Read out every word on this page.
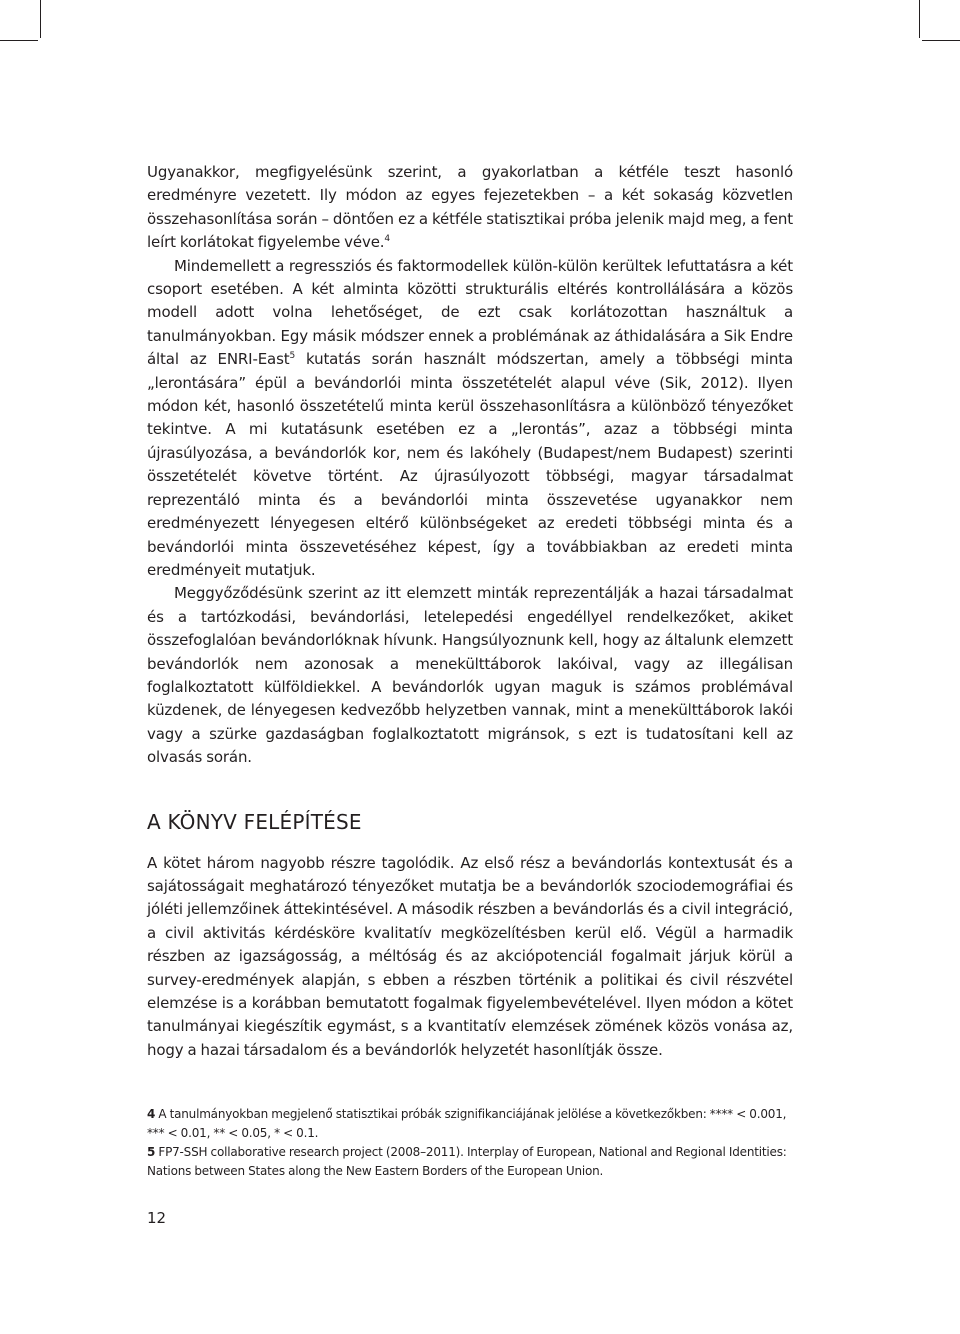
Ugyanakkor, megfigyelésünk szerint, a gyakorlatban a kétféle teszt hasonló eredményre vezetett. Ily módon az egyes fejezetekben – a két sokaság közvetlen összehasonlítása során – döntően ez a kétféle statisztikai próba jelenik majd meg, a fent leírt korlátokat figyelembe véve.$^4$

Mindemellett a regressziós és faktormodellek külön-külön kerültek lefuttatásra a két csoport esetében. A két alminta közötti strukturális eltérés kontrollálására a közös modell adott volna lehetőséget, de ezt csak korlátozottan használtuk a tanulmányokban. Egy másik módszer ennek a problémának az áthidalására a Sik Endre által az ENRI-East$^5$ kutatás során használt módszertan, amely a többségi minta „lerontására” épül a bevándorlói minta összetételét alapul véve (Sik, 2012). Ilyen módon két, hasonló összetételű minta kerül összehasonlításra a különböző tényezőket tekintve. A mi kutatásunk esetében ez a „lerontás”, azaz a többségi minta újrasúlyozása, a bevándorlók kor, nem és lakóhely (Budapest/nem Budapest) szerinti összetételét követve történt. Az újrasúlyozott többségi, magyar társadalmat reprezentáló minta és a bevándorlói minta összevetése ugyanakkor nem eredményezett lényegesen eltérő különbségeket az eredeti többségi minta és a bevándorlói minta összevetéséhez képest, így a továbbiakban az eredeti minta eredményeit mutatjuk.

Meggyőződésünk szerint az itt elemzett minták reprezentálják a hazai társadalmat és a tartózkodási, bevándorlási, letelepedési engedéllyel rendelkezőket, akiket összefoglalóan bevándorlóknak hívunk. Hangsúlyoznunk kell, hogy az általunk elemzett bevándorlók nem azonosak a menekülttáborok lakóival, vagy az illegálisan foglalkoztatott külföldiekkel. A bevándorlók ugyan maguk is számos problémával küzdenek, de lényegesen kedvezőbb helyzetben vannak, mint a menekülttáborok lakói vagy a szürke gazdaságban foglalkoztatott migránsok, s ezt is tudatosítani kell az olvasás során.

A KÖNYV FELÉPÍTÉSE

A kötet három nagyobb részre tagolódik. Az első rész a bevándorlás kontextusát és a sajátosságait meghatározó tényezőket mutatja be a bevándorlók szociodemográfiai és jóléti jellemzőinek áttekintésével. A második részben a bevándorlás és a civil integráció, a civil aktivitás kérdésköre kvalitatív megközelítésben kerül elő. Végül a harmadik részben az igazságosság, a méltóság és az akciópotenciál fogalmait járjuk körül a survey-eredmények alapján, s ebben a részben történik a politikai és civil részvétel elemzése is a korábban bemutatott fogalmak figyelembevételével. Ilyen módon a kötet tanulmányai kiegészítik egymást, s a kvantitatív elemzések zömének közös vonása az, hogy a hazai társadalom és a bevándorlók helyzetét hasonlítják össze.

4 A tanulmányokban megjelenő statisztikai próbák szignifikanciájának jelölése a következőkben: **** < 0.001, *** < 0.01, ** < 0.05, * < 0.1.

5 FP7-SSH collaborative research project (2008–2011). Interplay of European, National and Regional Identities: Nations between States along the New Eastern Borders of the European Union.

12
